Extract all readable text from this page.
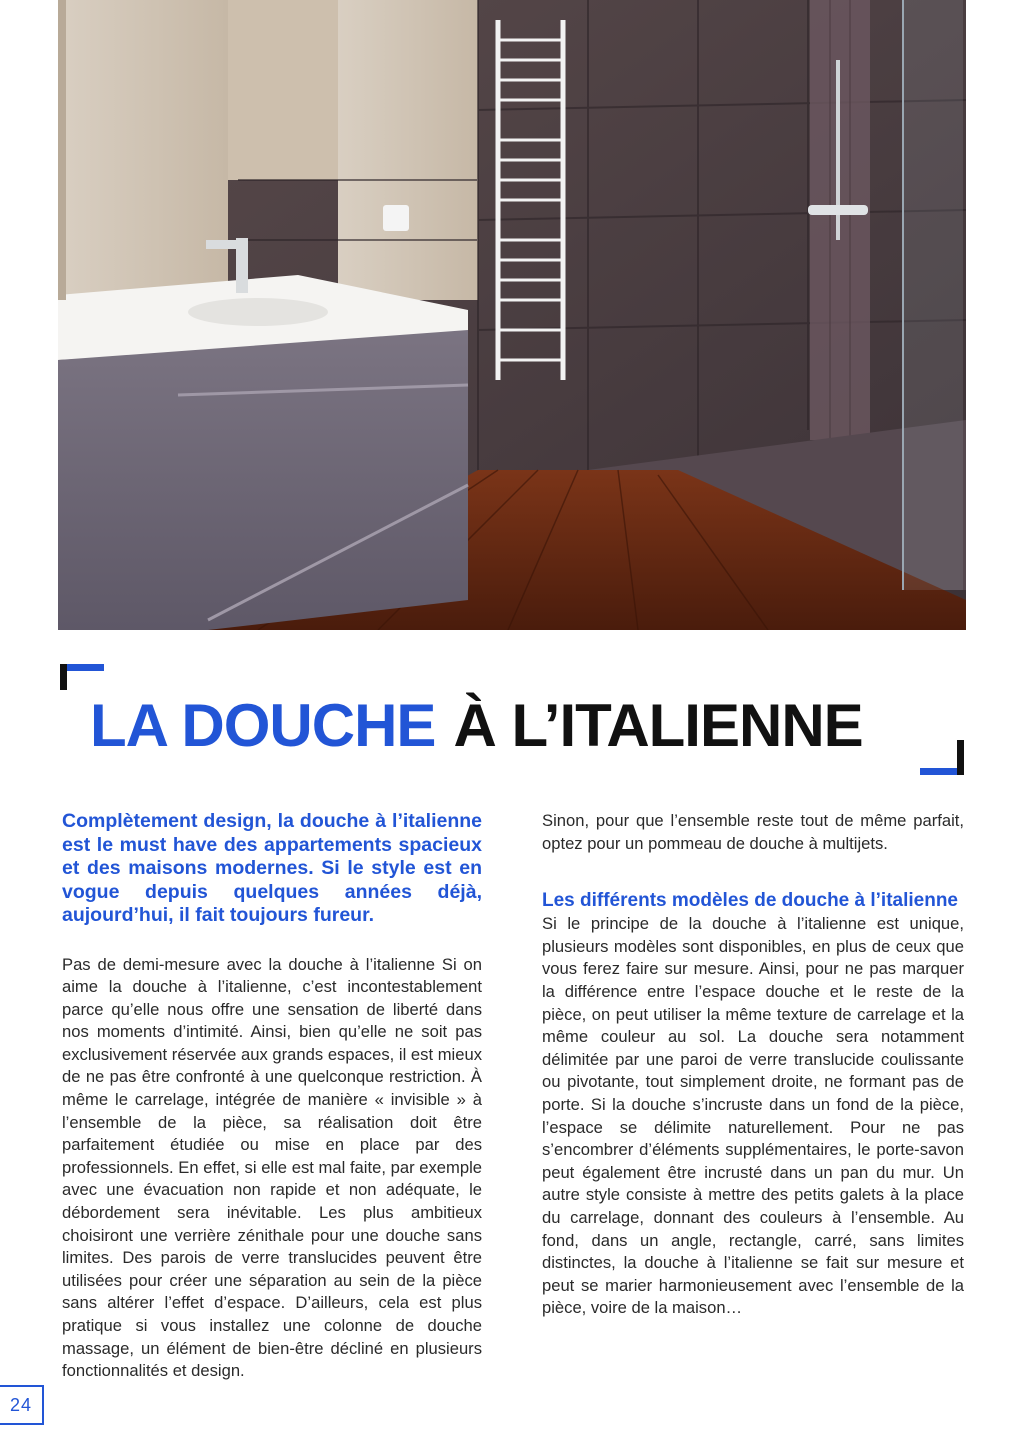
LA DOUCHE À L’ITALIENNE

Complètement design, la douche à l’italienne est le must have des appartements spacieux et des maisons modernes. Si le style est en vogue depuis quelques années déjà, aujourd’hui, il fait toujours fureur.

Pas de demi-mesure avec la douche à l’italienne Si on aime la douche à l’italienne, c’est incontestablement parce qu’elle nous offre une sensation de liberté dans nos moments d’intimité. Ainsi, bien qu’elle ne soit pas exclusivement réservée aux grands espaces, il est mieux de ne pas être confronté à une quelconque restriction. À même le carrelage, intégrée de manière « invisible » à l’ensemble de la pièce, sa réalisation doit être parfaitement étudiée ou mise en place par des professionnels. En effet, si elle est mal faite, par exemple avec une évacuation non rapide et non adéquate, le débordement sera inévitable. Les plus ambitieux choisiront une verrière zénithale pour une douche sans limites. Des parois de verre translucides peuvent être utilisées pour créer une séparation au sein de la pièce sans altérer l’effet d’espace. D’ailleurs, cela est plus pratique si vous installez une colonne de douche massage, un élément de bien-être décliné en plusieurs fonctionnalités et design.

Sinon, pour que l’ensemble reste tout de même parfait, optez pour un pommeau de douche à multijets.

Les différents modèles de douche à l’italienne

Si le principe de la douche à l’italienne est unique, plusieurs modèles sont disponibles, en plus de ceux que vous ferez faire sur mesure. Ainsi, pour ne pas marquer la différence entre l’espace douche et le reste de la pièce, on peut utiliser la même texture de carrelage et la même couleur au sol. La douche sera notamment délimitée par une paroi de verre translucide coulissante ou pivotante, tout simplement droite, ne formant pas de porte. Si la douche s’incruste dans un fond de la pièce, l’espace se délimite naturellement. Pour ne pas s’encombrer d’éléments supplémentaires, le porte-savon peut également être incrusté dans un pan du mur. Un autre style consiste à mettre des petits galets à la place du carrelage, donnant des couleurs à l’ensemble. Au fond, dans un angle, rectangle, carré, sans limites distinctes, la douche à l’italienne se fait sur mesure et peut se marier harmonieusement avec l’ensemble de la pièce, voire de la maison…

24
